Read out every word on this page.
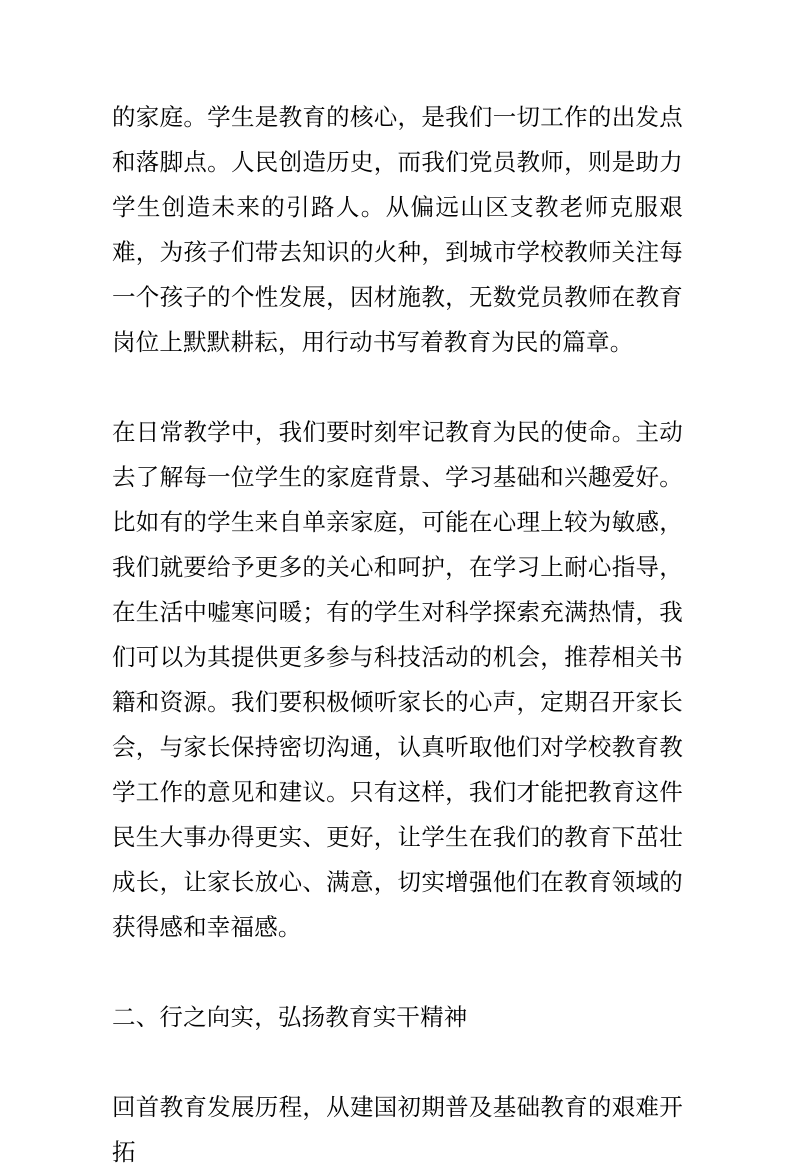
的家庭。学生是教育的核心，是我们一切工作的出发点和落脚点。人民创造历史，而我们党员教师，则是助力学生创造未来的引路人。从偏远山区支教老师克服艰难，为孩子们带去知识的火种，到城市学校教师关注每一个孩子的个性发展，因材施教，无数党员教师在教育岗位上默默耕耘，用行动书写着教育为民的篇章。

在日常教学中，我们要时刻牢记教育为民的使命。主动去了解每一位学生的家庭背景、学习基础和兴趣爱好。比如有的学生来自单亲家庭，可能在心理上较为敏感，我们就要给予更多的关心和呵护，在学习上耐心指导，在生活中嘘寒问暖；有的学生对科学探索充满热情，我们可以为其提供更多参与科技活动的机会，推荐相关书籍和资源。我们要积极倾听家长的心声，定期召开家长会，与家长保持密切沟通，认真听取他们对学校教育教学工作的意见和建议。只有这样，我们才能把教育这件民生大事办得更实、更好，让学生在我们的教育下茁壮成长，让家长放心、满意，切实增强他们在教育领域的获得感和幸福感。

二、行之向实，弘扬教育实干精神

回首教育发展历程，从建国初期普及基础教育的艰难开拓
